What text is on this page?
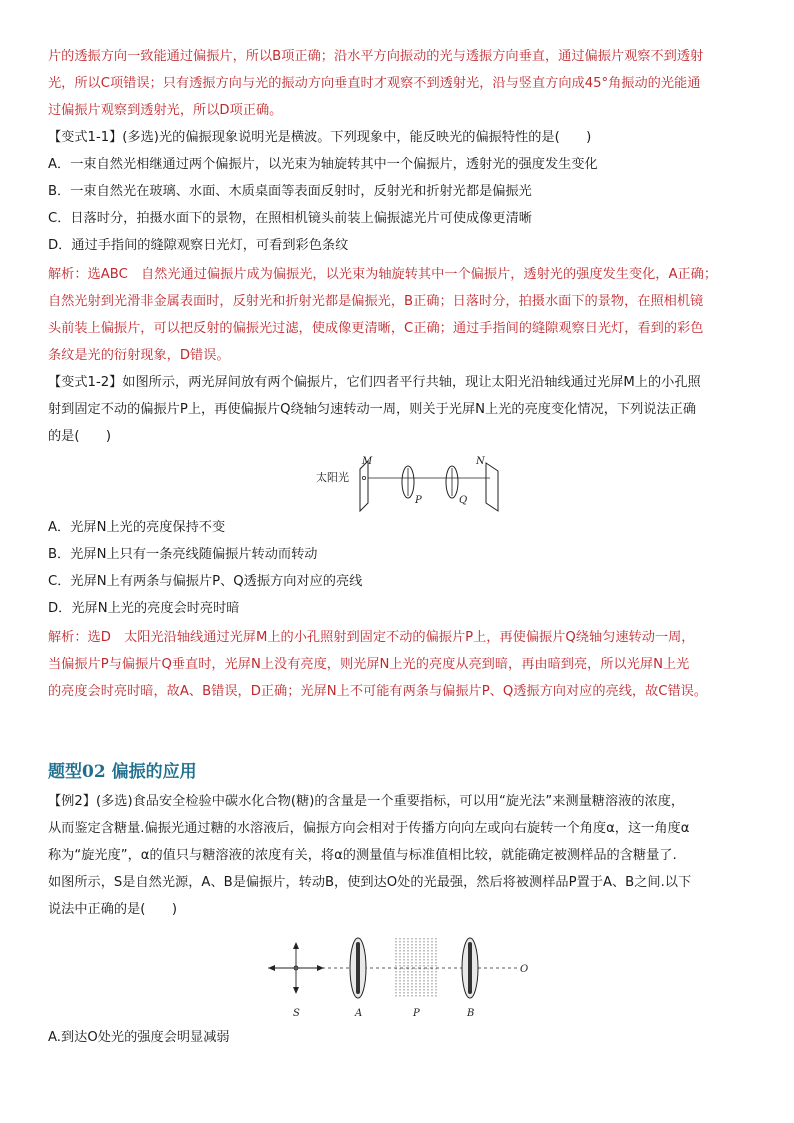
片的透振方向一致能通过偏振片，所以B项正确；沿水平方向振动的光与透振方向垂直，通过偏振片观察不到透射
光，所以C项错误；只有透振方向与光的振动方向垂直时才观察不到透射光，沿与竖直方向成45°角振动的光能通
过偏振片观察到透射光，所以D项正确。
【变式1-1】(多选)光的偏振现象说明光是横波。下列现象中，能反映光的偏振特性的是(　　)
A．一束自然光相继通过两个偏振片，以光束为轴旋转其中一个偏振片，透射光的强度发生变化
B．一束自然光在玻璃、水面、木质桌面等表面反射时，反射光和折射光都是偏振光
C．日落时分，拍摄水面下的景物，在照相机镜头前装上偏振滤光片可使成像更清晰
D．通过手指间的缝隙观察日光灯，可看到彩色条纹
解析：选ABC　自然光通过偏振片成为偏振光，以光束为轴旋转其中一个偏振片，透射光的强度发生变化，A正确；
自然光射到光滑非金属表面时，反射光和折射光都是偏振光，B正确；日落时分，拍摄水面下的景物，在照相机镜
头前装上偏振片，可以把反射的偏振光过滤，使成像更清晰，C正确；通过手指间的缝隙观察日光灯，看到的彩色
条纹是光的衍射现象，D错误。
【变式1-2】如图所示，两光屏间放有两个偏振片，它们四者平行共轴，现让太阳光沿轴线通过光屏M上的小孔照
射到固定不动的偏振片P上，再使偏振片Q绕轴匀速转动一周，则关于光屏N上光的亮度变化情况，下列说法正确
的是(　　)
太阳光
M
P	Q
N
A．光屏N上光的亮度保持不变
B．光屏N上只有一条亮线随偏振片转动而转动
C．光屏N上有两条与偏振片P、Q透振方向对应的亮线
D．光屏N上光的亮度会时亮时暗
解析：选D　太阳光沿轴线通过光屏M上的小孔照射到固定不动的偏振片P上，再使偏振片Q绕轴匀速转动一周，
当偏振片P与偏振片Q垂直时，光屏N上没有亮度，则光屏N上光的亮度从亮到暗，再由暗到亮，所以光屏N上光
的亮度会时亮时暗，故A、B错误，D正确；光屏N上不可能有两条与偏振片P、Q透振方向对应的亮线，故C错误。
题型02 偏振的应用
【例2】(多选)食品安全检验中碳水化合物(糖)的含量是一个重要指标，可以用“旋光法”来测量糖溶液的浓度，
从而鉴定含糖量.偏振光通过糖的水溶液后，偏振方向会相对于传播方向向左或向右旋转一个角度α，这一角度α
称为“旋光度”，α的值只与糖溶液的浓度有关，将α的测量值与标准值相比较，就能确定被测样品的含糖量了.
如图所示，S是自然光源，A、B是偏振片，转动B，使到达O处的光最强，然后将被测样品P置于A、B之间.以下
说法中正确的是(　　)
S	A	P	B
O
A.到达O处光的强度会明显减弱
